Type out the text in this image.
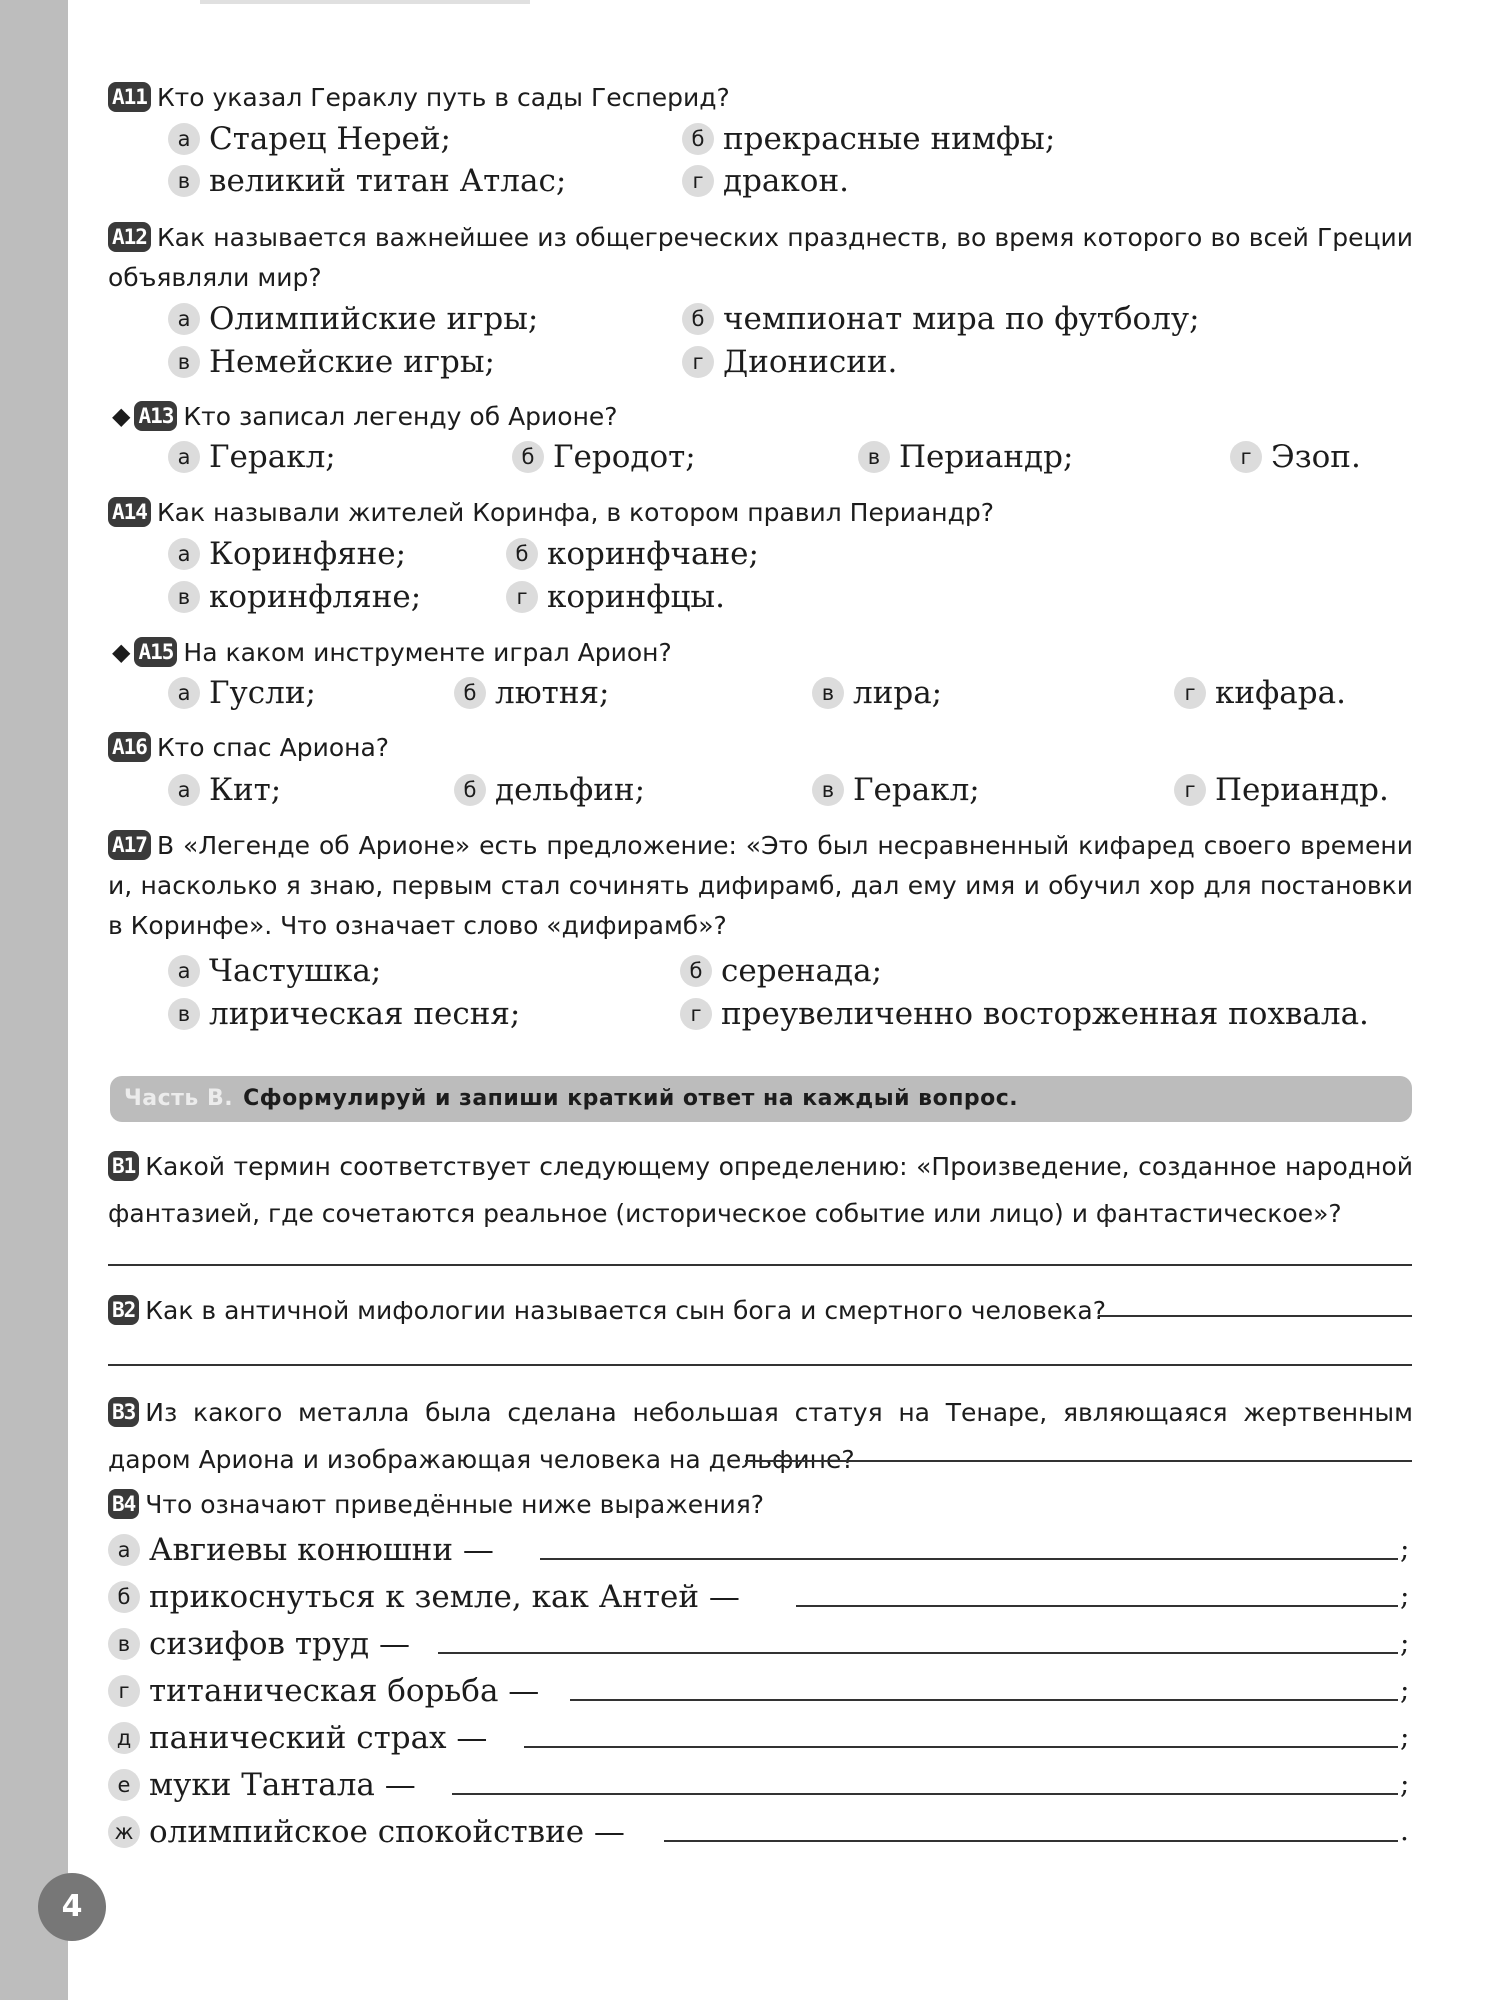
A11 Кто указал Гераклу путь в сады Гесперид?
а Старец Нерей;	б прекрасные нимфы;
в великий титан Атлас;	г дракон.
A12 Как называется важнейшее из общегреческих празднеств, во время которого во всей Греции объявляли мир?
а Олимпийские игры;	б чемпионат мира по футболу;
в Немейские игры;	г Дионисии.
◆ A13 Кто записал легенду об Арионе?
а Геракл;	б Геродот;	в Периандр;	г Эзоп.
A14 Как называли жителей Коринфа, в котором правил Периандр?
а Коринфяне;	б коринфчане;
в коринфляне;	г коринфцы.
◆ A15 На каком инструменте играл Арион?
а Гусли;	б лютня;	в лира;	г кифара.
A16 Кто спас Ариона?
а Кит;	б дельфин;	в Геракл;	г Периандр.
A17 В «Легенде об Арионе» есть предложение: «Это был несравненный кифаред своего времени и, насколько я знаю, первым стал сочинять дифирамб, дал ему имя и обучил хор для постановки в Коринфе». Что означает слово «дифирамб»?
а Частушка;	б серенада;
в лирическая песня;	г преувеличенно восторженная похвала.
Часть В. Сформулируй и запиши краткий ответ на каждый вопрос.
B1 Какой термин соответствует следующему определению: «Произведение, созданное народной фантазией, где сочетаются реальное (историческое событие или лицо) и фантастическое»?
B2 Как в античной мифологии называется сын бога и смертного человека?
B3 Из какого металла была сделана небольшая статуя на Тенаре, являющаяся жертвенным даром Ариона и изображающая человека на дельфине?
B4 Что означают приведённые ниже выражения?
а Авгиевы конюшни —	;
б прикоснуться к земле, как Антей —	;
в сизифов труд —	;
г титаническая борьба —	;
д панический страх —	;
е муки Тантала —	;
ж олимпийское спокойствие —	.
4
